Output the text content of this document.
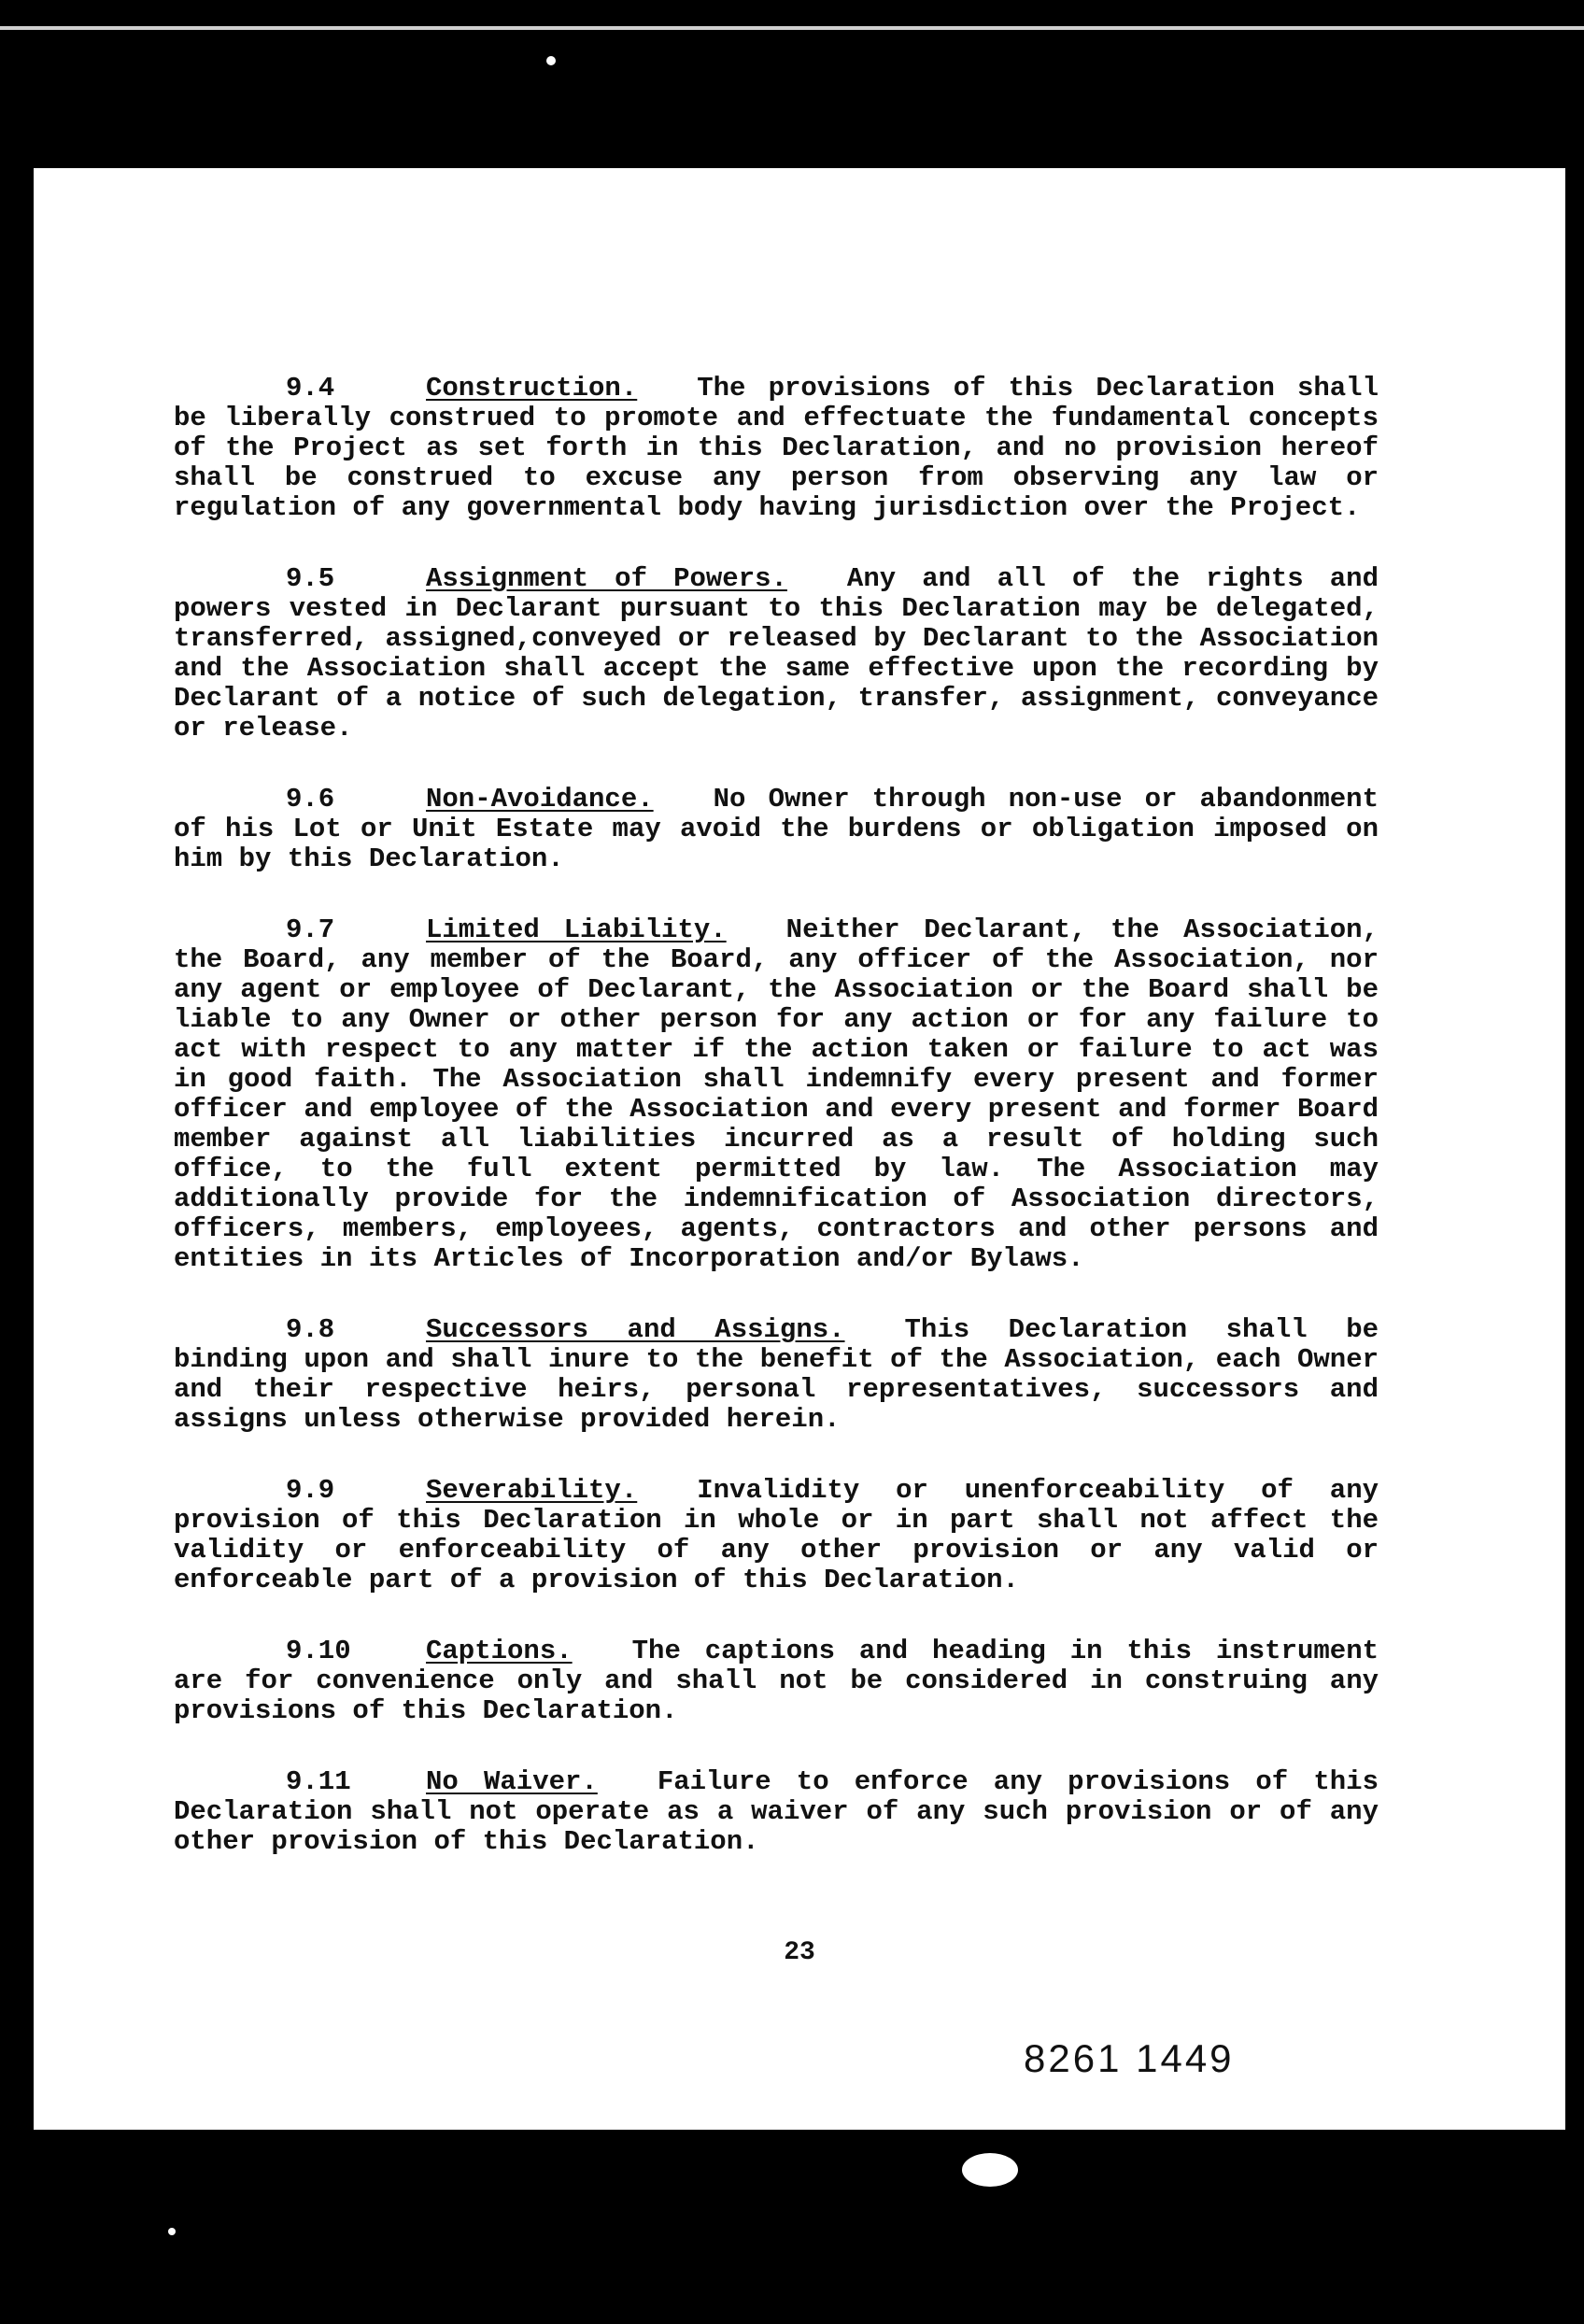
9.4	Construction. The provisions of this Declaration shall be liberally construed to promote and effectuate the fundamental concepts of the Project as set forth in this Declaration, and no provision hereof shall be construed to excuse any person from observing any law or regulation of any governmental body having jurisdiction over the Project.
9.5	Assignment of Powers. Any and all of the rights and powers vested in Declarant pursuant to this Declaration may be delegated, transferred, assigned,conveyed or released by Declarant to the Association and the Association shall accept the same effective upon the recording by Declarant of a notice of such delegation, transfer, assignment, conveyance or release.
9.6	Non-Avoidance. No Owner through non-use or abandonment of his Lot or Unit Estate may avoid the burdens or obligation imposed on him by this Declaration.
9.7	Limited Liability. Neither Declarant, the Association, the Board, any member of the Board, any officer of the Association, nor any agent or employee of Declarant, the Association or the Board shall be liable to any Owner or other person for any action or for any failure to act with respect to any matter if the action taken or failure to act was in good faith. The Association shall indemnify every present and former officer and employee of the Association and every present and former Board member against all liabilities incurred as a result of holding such office, to the full extent permitted by law. The Association may additionally provide for the indemnification of Association directors, officers, members, employees, agents, contractors and other persons and entities in its Articles of Incorporation and/or Bylaws.
9.8	Successors and Assigns. This Declaration shall be binding upon and shall inure to the benefit of the Association, each Owner and their respective heirs, personal representatives, successors and assigns unless otherwise provided herein.
9.9	Severability. Invalidity or unenforceability of any provision of this Declaration in whole or in part shall not affect the validity or enforceability of any other provision or any valid or enforceable part of a provision of this Declaration.
9.10	Captions. The captions and heading in this instrument are for convenience only and shall not be considered in construing any provisions of this Declaration.
9.11	No Waiver. Failure to enforce any provisions of this Declaration shall not operate as a waiver of any such provision or of any other provision of this Declaration.
23
8261 1449
